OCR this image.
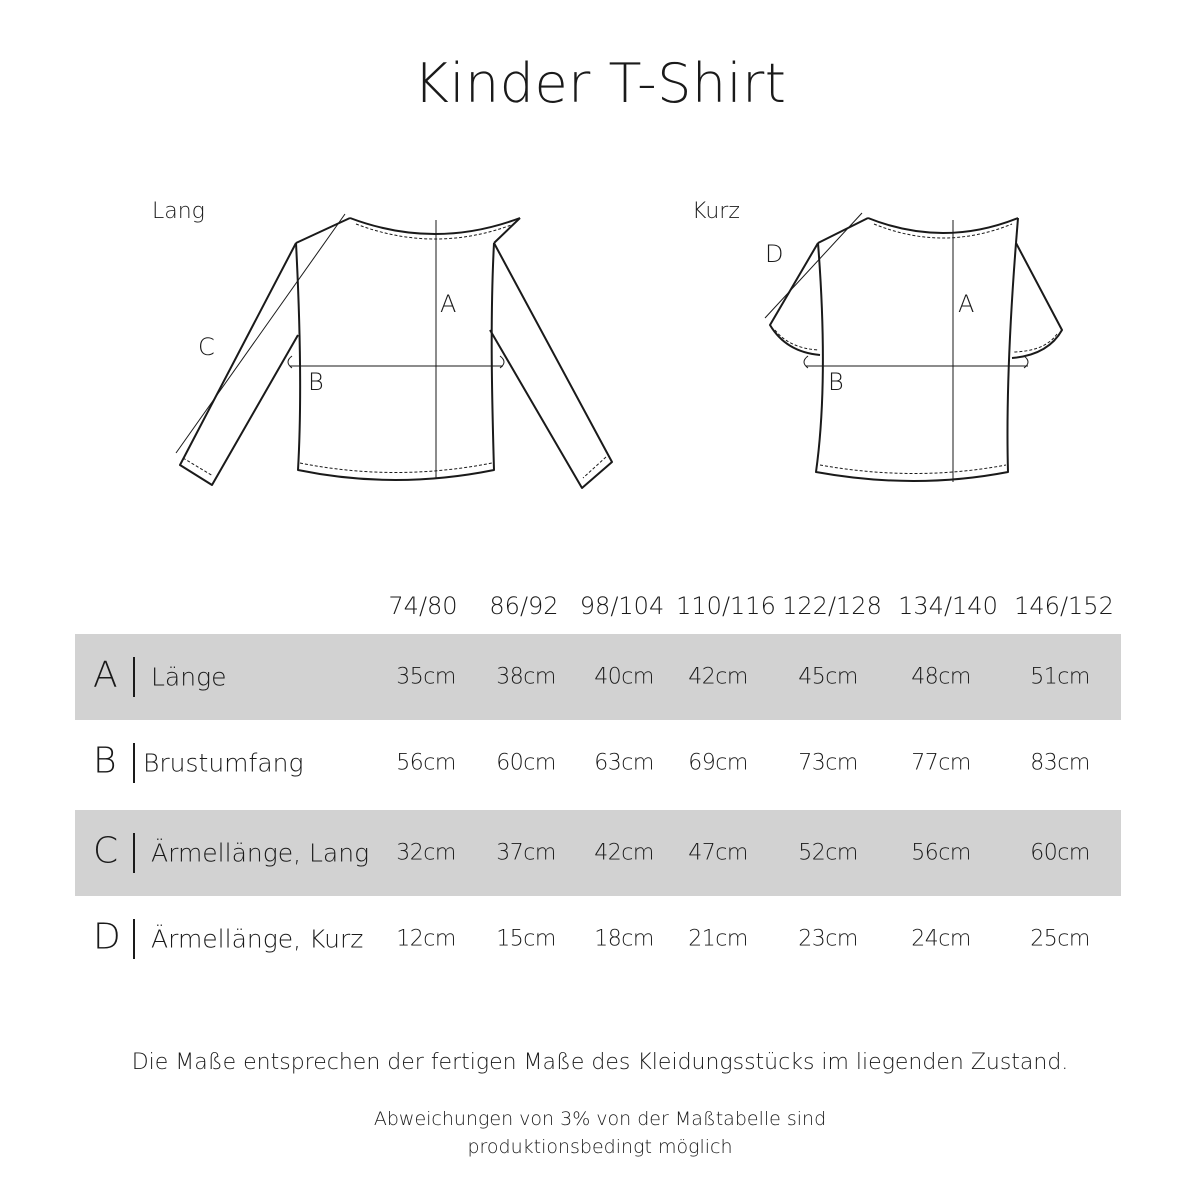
Kinder T-Shirt
Lang
A
B
C
Kurz
A
B
D
74/80	86/92 98/104 110/116 122/128 134/140 146/152
A Länge	35cm	38cm	40cm	42cm	45cm	48cm	51cm
B Brustumfang	56cm	60cm	63cm	69cm	73cm	77cm	83cm
C Ärmellänge, Lang	32cm	37cm	42cm	47cm	52cm	56cm	60cm
D Ärmellänge, Kurz	12cm	15cm	18cm	21cm	23cm	24cm	25cm
Die Maße entsprechen der fertigen Maße des Kleidungsstücks im liegenden Zustand.
Abweichungen von 3% von der Maßtabelle sind
produktionsbedingt möglich
